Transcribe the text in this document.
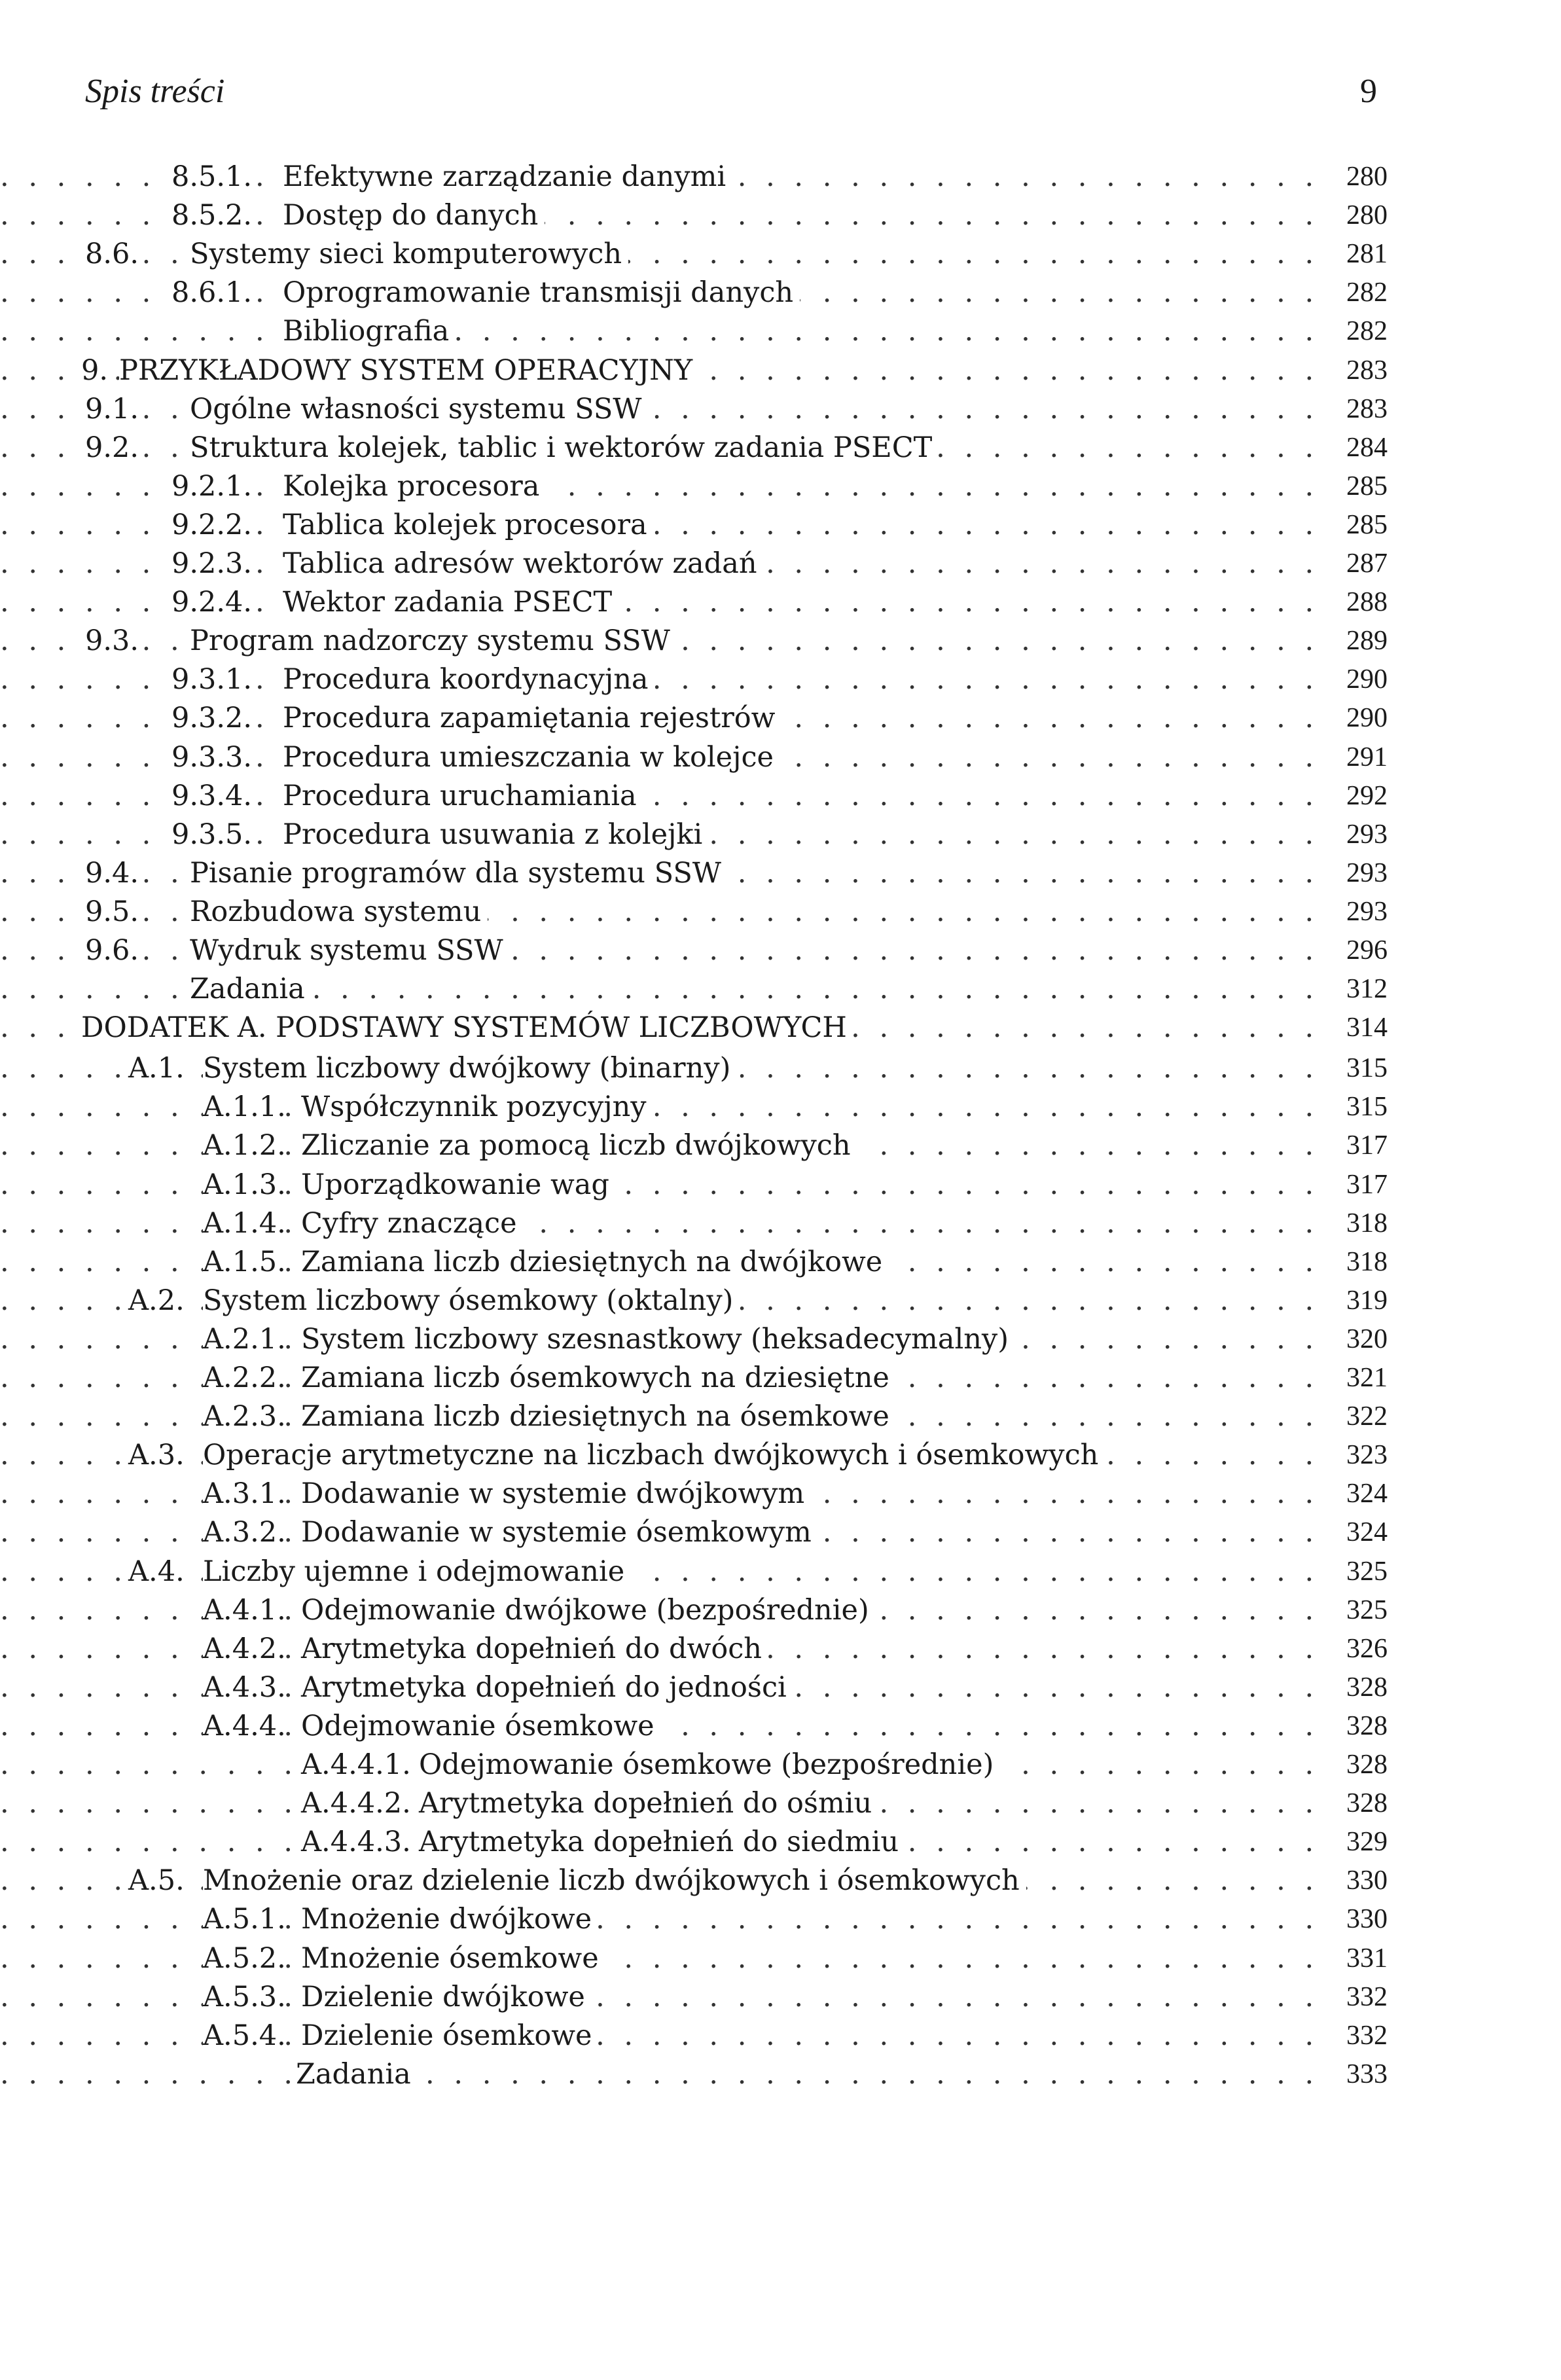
Spis treści	9
. . .
8.5.1. Efektywne zarządzanie danymi	280
. . .
8.5.2. Dostęp do danych	280
. . .
8.6. Systemy sieci komputerowych	281
. . .
8.6.1. Oprogramowanie transmisji danych	282
. . .
Bibliografia	282
. . .
9. PRZYKŁADOWY SYSTEM OPERACYJNY	283
. . .
9.1. Ogólne własności systemu SSW	283
. . .
9.2. Struktura kolejek, tablic i wektorów zadania PSECT	284
. . .
9.2.1. Kolejka procesora	285
. . .
9.2.2. Tablica kolejek procesora	285
. . .
9.2.3. Tablica adresów wektorów zadań	287
. . .
9.2.4. Wektor zadania PSECT	288
. . .
9.3. Program nadzorczy systemu SSW	289
. . .
9.3.1. Procedura koordynacyjna	290
. . .
9.3.2. Procedura zapamiętania rejestrów	290
. . .
9.3.3. Procedura umieszczania w kolejce	291
. . .
9.3.4. Procedura uruchamiania	292
. . .
9.3.5. Procedura usuwania z kolejki	293
. . .
9.4. Pisanie programów dla systemu SSW	293
. . .
9.5. Rozbudowa systemu	293
. . .
9.6. Wydruk systemu SSW	296
. . .
Zadania	312
. . .
DODATEK A. PODSTAWY SYSTEMÓW LICZBOWYCH	314
. . .
A.1. System liczbowy dwójkowy (binarny)	315
. . .
A.1.1. Współczynnik pozycyjny	315
. . .
A.1.2. Zliczanie za pomocą liczb dwójkowych	317
. . .
A.1.3. Uporządkowanie wag	317
. . .
A.1.4. Cyfry znaczące	318
. . .
A.1.5. Zamiana liczb dziesiętnych na dwójkowe	318
. . .
A.2. System liczbowy ósemkowy (oktalny)	319
. . .
A.2.1. System liczbowy szesnastkowy (heksadecymalny)	320
. . .
A.2.2. Zamiana liczb ósemkowych na dziesiętne	321
. . .
A.2.3. Zamiana liczb dziesiętnych na ósemkowe	322
. . .
A.3. Operacje arytmetyczne na liczbach dwójkowych i ósemkowych	323
. . .
A.3.1. Dodawanie w systemie dwójkowym	324
. . .
A.3.2. Dodawanie w systemie ósemkowym	324
. . .
A.4. Liczby ujemne i odejmowanie	325
. . .
A.4.1. Odejmowanie dwójkowe (bezpośrednie)	325
. . .
A.4.2. Arytmetyka dopełnień do dwóch	326
. . .
A.4.3. Arytmetyka dopełnień do jedności	328
. . .
A.4.4. Odejmowanie ósemkowe	328
. . .
A.4.4.1. Odejmowanie ósemkowe (bezpośrednie)	328
. . .
A.4.4.2. Arytmetyka dopełnień do ośmiu	328
. . .
A.4.4.3. Arytmetyka dopełnień do siedmiu	329
. . .
A.5. Mnożenie oraz dzielenie liczb dwójkowych i ósemkowych	330
. . .
A.5.1. Mnożenie dwójkowe	330
. . .
A.5.2. Mnożenie ósemkowe	331
. . .
A.5.3. Dzielenie dwójkowe	332
. . .
A.5.4. Dzielenie ósemkowe	332
. . .
Zadania	333
